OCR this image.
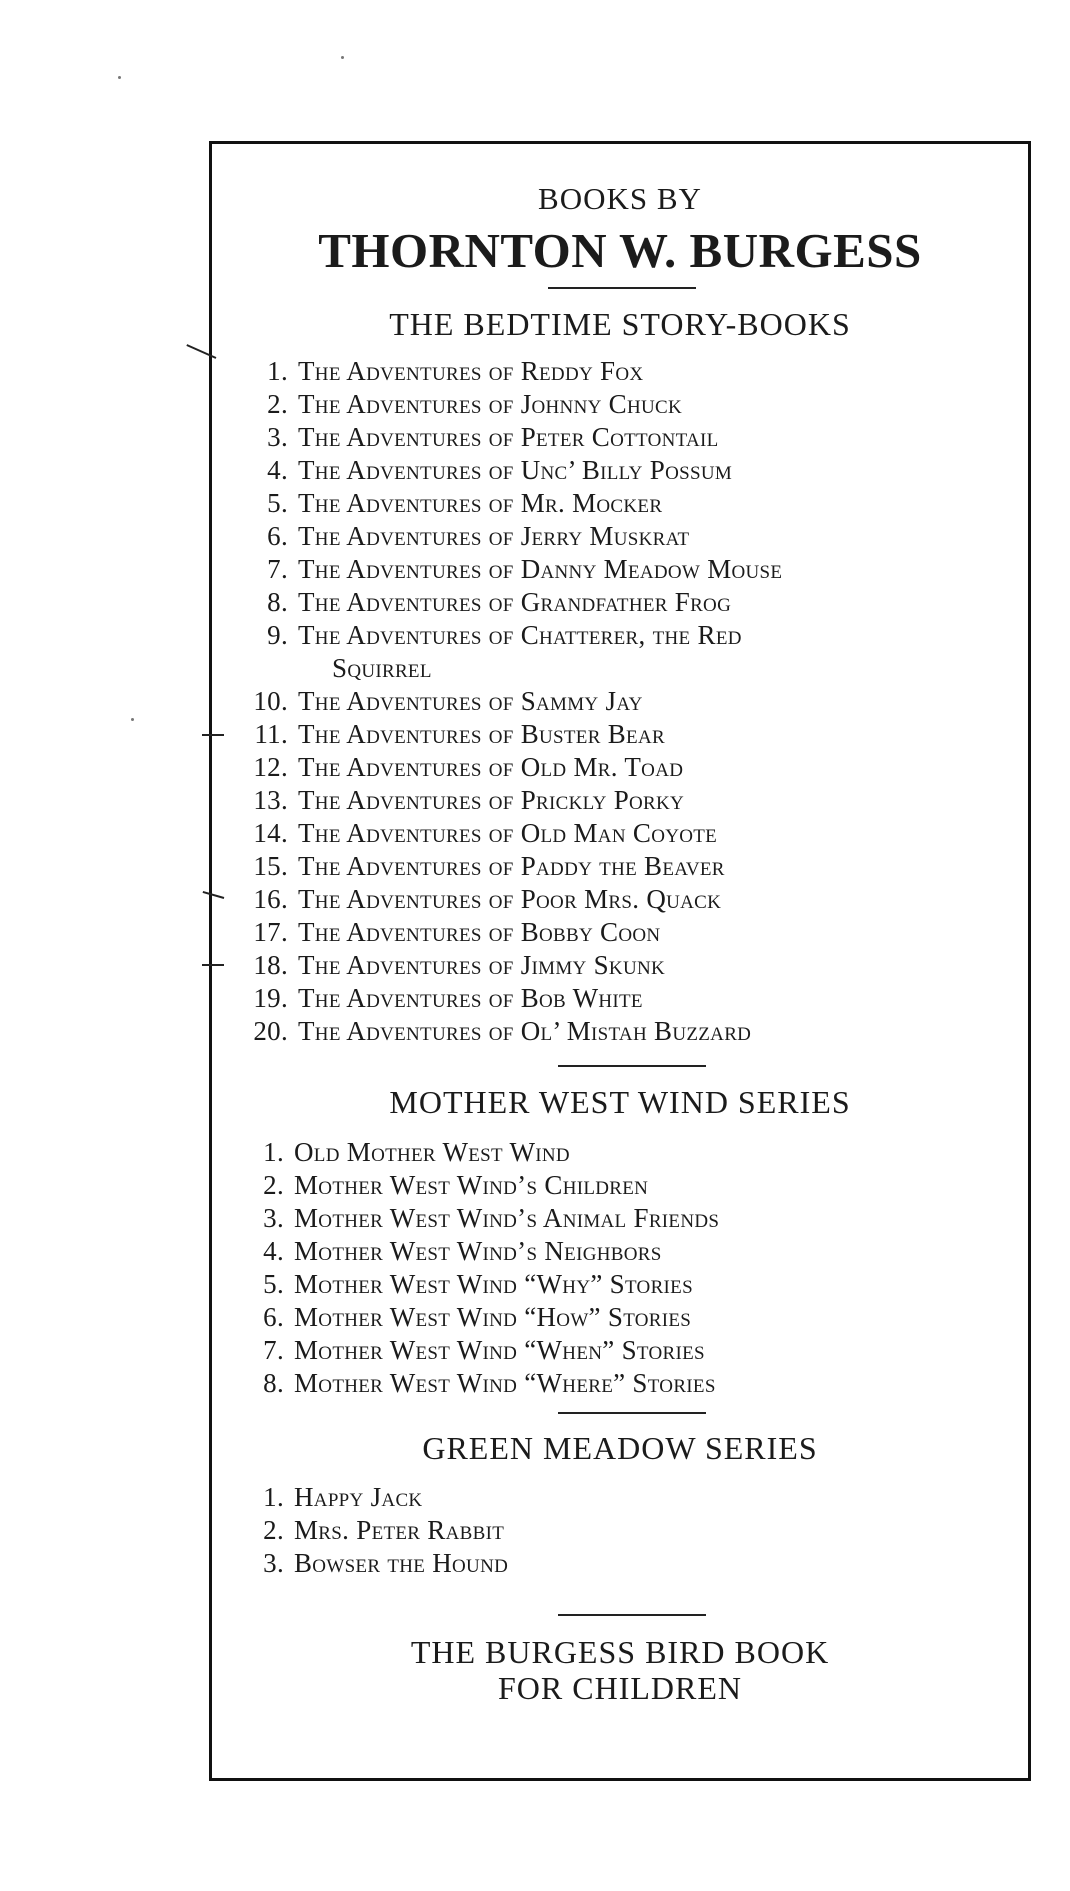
BOOKS BY
THORNTON W. BURGESS
THE BEDTIME STORY-BOOKS
1. The Adventures of Reddy Fox
2. The Adventures of Johnny Chuck
3. The Adventures of Peter Cottontail
4. The Adventures of Unc’ Billy Possum
5. The Adventures of Mr. Mocker
6. The Adventures of Jerry Muskrat
7. The Adventures of Danny Meadow Mouse
8. The Adventures of Grandfather Frog
9. The Adventures of Chatterer, the Red
Squirrel
10. The Adventures of Sammy Jay
11. The Adventures of Buster Bear
12. The Adventures of Old Mr. Toad
13. The Adventures of Prickly Porky
14. The Adventures of Old Man Coyote
15. The Adventures of Paddy the Beaver
16. The Adventures of Poor Mrs. Quack
17. The Adventures of Bobby Coon
18. The Adventures of Jimmy Skunk
19. The Adventures of Bob White
20. The Adventures of Ol’ Mistah Buzzard
MOTHER WEST WIND SERIES
1. Old Mother West Wind
2. Mother West Wind’s Children
3. Mother West Wind’s Animal Friends
4. Mother West Wind’s Neighbors
5. Mother West Wind “Why” Stories
6. Mother West Wind “How” Stories
7. Mother West Wind “When” Stories
8. Mother West Wind “Where” Stories
GREEN MEADOW SERIES
1. Happy Jack
2. Mrs. Peter Rabbit
3. Bowser the Hound
THE BURGESS BIRD BOOK
FOR CHILDREN
